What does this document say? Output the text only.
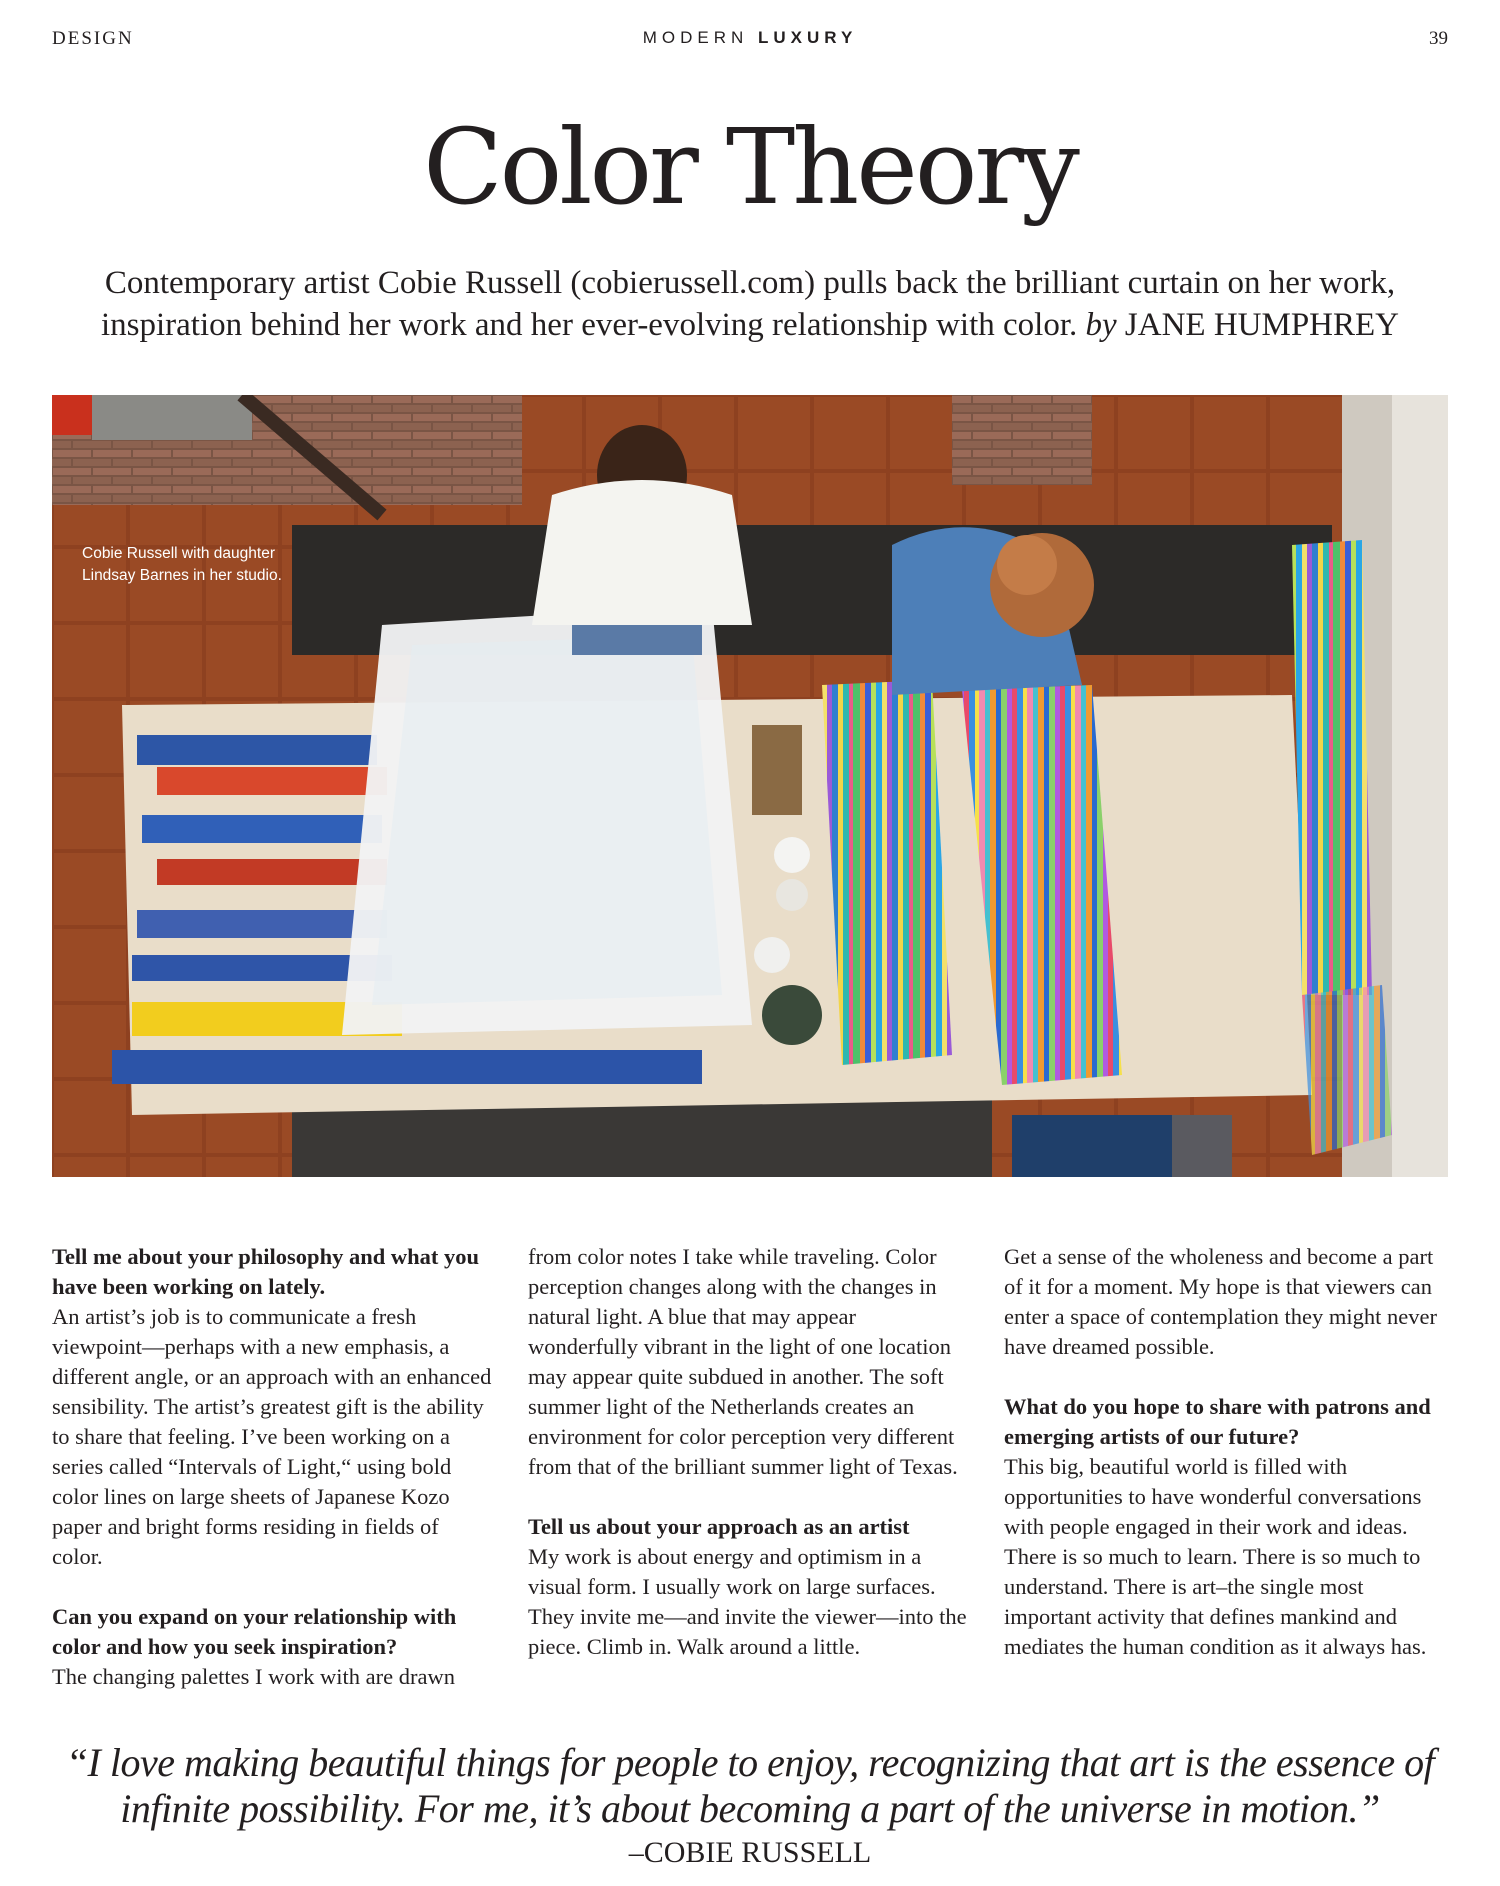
DESIGN	MODERN LUXURY	39
Color Theory
Contemporary artist Cobie Russell (cobierussell.com) pulls back the brilliant curtain on her work, inspiration behind her work and her ever-evolving relationship with color. by JANE HUMPHREY
Cobie Russell with daughter Lindsay Barnes in her studio.

Tell me about your philosophy and what you have been working on lately.

An artist’s job is to communicate a fresh viewpoint—perhaps with a new emphasis, a different angle, or an approach with an enhanced sensibility. The artist’s greatest gift is the ability to share that feeling. I’ve been working on a series called “Intervals of Light,“ using bold color lines on large sheets of Japanese Kozo paper and bright forms residing in fields of color.

Can you expand on your relationship with color and how you seek inspiration?

The changing palettes I work with are drawn

from color notes I take while traveling. Color perception changes along with the changes in natural light. A blue that may appear wonderfully vibrant in the light of one location may appear quite subdued in another. The soft summer light of the Netherlands creates an environment for color perception very different from that of the brilliant summer light of Texas.

Tell us about your approach as an artist

My work is about energy and optimism in a visual form. I usually work on large surfaces. They invite me—and invite the viewer—into the piece. Climb in. Walk around a little.

Get a sense of the wholeness and become a part of it for a moment. My hope is that viewers can enter a space of contemplation they might never have dreamed possible.

What do you hope to share with patrons and emerging artists of our future?

This big, beautiful world is filled with opportunities to have wonderful conversations with people engaged in their work and ideas. There is so much to learn. There is so much to understand. There is art–the single most important activity that defines mankind and mediates the human condition as it always has.

“I love making beautiful things for people to enjoy, recognizing that art is the essence of infinite possibility. For me, it’s about becoming a part of the universe in motion.”
–COBIE RUSSELL
